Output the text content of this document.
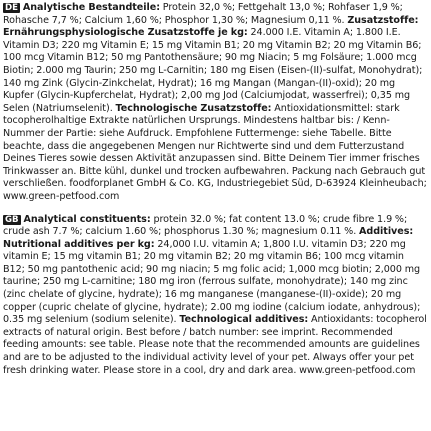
DE Analytische Bestandteile: Protein 32,0 %; Fettgehalt 13,0 %; Rohfaser 1,9 %; Rohasche 7,7 %; Calcium 1,60 %; Phosphor 1,30 %; Magnesium 0,11 %. Zusatzstoffe: Ernährungsphysiologische Zusatzstoffe je kg: 24.000 I.E. Vitamin A; 1.800 I.E. Vitamin D3; 220 mg Vitamin E; 15 mg Vitamin B1; 20 mg Vitamin B2; 20 mg Vitamin B6; 100 mcg Vitamin B12; 50 mg Pantothensäure; 90 mg Niacin; 5 mg Folsäure; 1.000 mcg Biotin; 2.000 mg Taurin; 250 mg L-Carnitin; 180 mg Eisen (Eisen-(II)-sulfat, Monohydrat); 140 mg Zink (Glycin-Zinkchelat, Hydrat); 16 mg Mangan (Mangan-(II)-oxid); 20 mg Kupfer (Glycin-Kupferchelat, Hydrat); 2,00 mg Jod (Calciumjodat, wasserfrei); 0,35 mg Selen (Natriumselenit). Technologische Zusatzstoffe: Antioxidationsmittel: stark tocopherolhaltige Extrakte natürlichen Ursprungs. Mindestens haltbar bis: / Kenn-Nummer der Partie: siehe Aufdruck. Empfohlene Futtermenge: siehe Tabelle. Bitte beachte, dass die angegebenen Mengen nur Richtwerte sind und dem Futterzustand Deines Tieres sowie dessen Aktivität anzupassen sind. Bitte Deinem Tier immer frisches Trinkwasser an. Bitte kühl, dunkel und trocken aufbewahren. Packung nach Gebrauch gut verschließen. foodforplanet GmbH & Co. KG, Industriegebiet Süd, D-63924 Kleinheubach; www.green-petfood.com
GB Analytical constituents: protein 32.0 %; fat content 13.0 %; crude fibre 1.9 %; crude ash 7.7 %; calcium 1.60 %; phosphorus 1.30 %; magnesium 0.11 %. Additives: Nutritional additives per kg: 24,000 I.U. vitamin A; 1,800 I.U. vitamin D3; 220 mg vitamin E; 15 mg vitamin B1; 20 mg vitamin B2; 20 mg vitamin B6; 100 mcg vitamin B12; 50 mg pantothenic acid; 90 mg niacin; 5 mg folic acid; 1,000 mcg biotin; 2,000 mg taurine; 250 mg L-carnitine; 180 mg iron (ferrous sulfate, monohydrate); 140 mg zinc (zinc chelate of glycine, hydrate); 16 mg manganese (manganese-(II)-oxide); 20 mg copper (cupric chelate of glycine, hydrate); 2.00 mg iodine (calcium iodate, anhydrous); 0.35 mg selenium (sodium selenite). Technological additives: Antioxidants: tocopherol extracts of natural origin. Best before / batch number: see imprint. Recommended feeding amounts: see table. Please note that the recommended amounts are guidelines and are to be adjusted to the individual activity level of your pet. Always offer your pet fresh drinking water. Please store in a cool, dry and dark area. www.green-petfood.com
